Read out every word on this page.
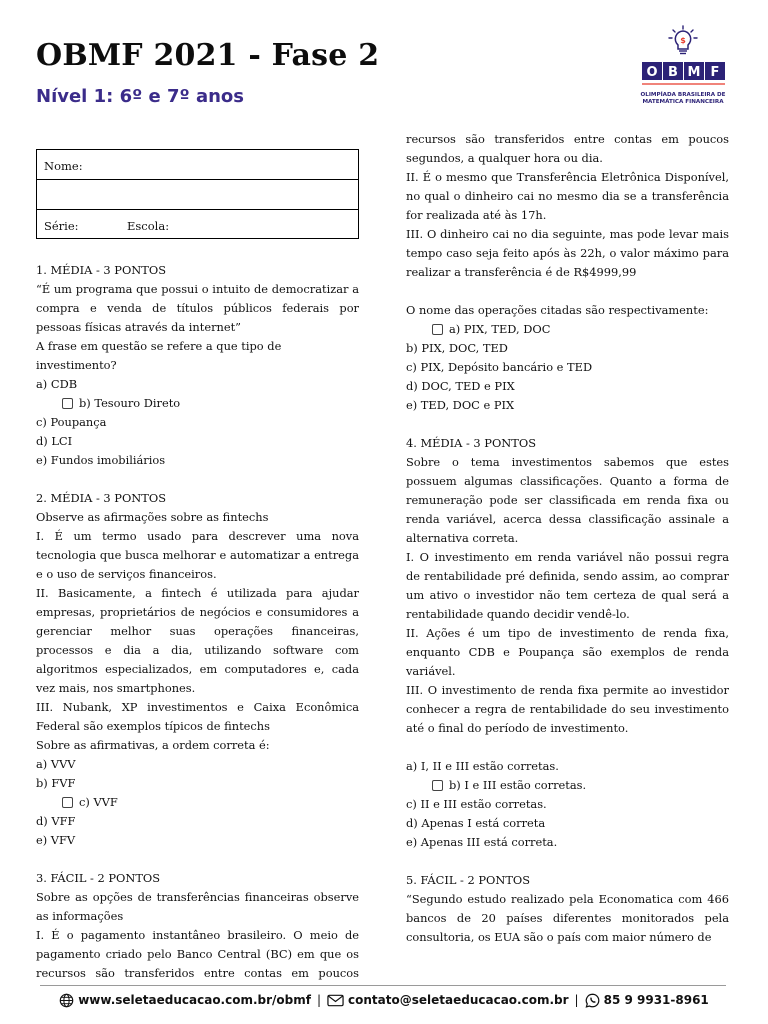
OBMF 2021 - Fase 2
Nível 1: 6º e 7º anos
$
O B M F
OLIMPÍADA BRASILEIRA DE
MATEMÁTICA FINANCEIRA
Nome:
Série:	Escola:

1. MÉDIA - 3 PONTOS

“É um programa que possui o intuito de democratizar a compra e venda de títulos públicos federais por pessoas físicas através da internet”

A frase em questão se refere a que tipo de investimento?

a) CDB

b) Tesouro Direto

c) Poupança

d) LCI

e) Fundos imobiliários

2. MÉDIA - 3 PONTOS

Observe as afirmações sobre as fintechs

I. É um termo usado para descrever uma nova tecnologia que busca melhorar e automatizar a entrega e o uso de serviços financeiros.

II. Basicamente, a fintech é utilizada para ajudar empresas, proprietários de negócios e consumidores a gerenciar melhor suas operações financeiras, processos e dia a dia, utilizando software com algoritmos especializados, em computadores e, cada vez mais, nos smartphones.

III. Nubank, XP investimentos e Caixa Econômica Federal são exemplos típicos de fintechs

Sobre as afirmativas, a ordem correta é:

a) VVV

b) FVF

c) VVF

d) VFF

e) VFV

3. FÁCIL - 2 PONTOS

Sobre as opções de transferências financeiras observe as informações

I. É o pagamento instantâneo brasileiro. O meio de pagamento criado pelo Banco Central (BC) em que os recursos são transferidos entre contas em poucos

recursos são transferidos entre contas em poucos segundos, a qualquer hora ou dia.

II. É o mesmo que Transferência Eletrônica Disponível, no qual o dinheiro cai no mesmo dia se a transferência for realizada até às 17h.

III. O dinheiro cai no dia seguinte, mas pode levar mais tempo caso seja feito após às 22h, o valor máximo para realizar a transferência é de R$4999,99

O nome das operações citadas são respectivamente:

a) PIX, TED, DOC

b) PIX, DOC, TED

c) PIX, Depósito bancário e TED

d) DOC, TED e PIX

e) TED, DOC e PIX

4. MÉDIA - 3 PONTOS

Sobre o tema investimentos sabemos que estes possuem algumas classificações. Quanto a forma de remuneração pode ser classificada em renda fixa ou renda variável, acerca dessa classificação assinale a alternativa correta.

I. O investimento em renda variável não possui regra de rentabilidade pré definida, sendo assim, ao comprar um ativo o investidor não tem certeza de qual será a rentabilidade quando decidir vendê-lo.

II. Ações é um tipo de investimento de renda fixa, enquanto CDB e Poupança são exemplos de renda variável.

III. O investimento de renda fixa permite ao investidor conhecer a regra de rentabilidade do seu investimento até o final do período de investimento.

a) I, II e III estão corretas.

b) I e III estão corretas.

c) II e III estão corretas.

d) Apenas I está correta

e) Apenas III está correta.

5. FÁCIL - 2 PONTOS

“Segundo estudo realizado pela Economatica com 466 bancos de 20 países diferentes monitorados pela consultoria, os EUA são o país com maior número de

www.seletaeducacao.com.br/obmf | contato@seletaeducacao.com.br | 85 9 9931-8961
